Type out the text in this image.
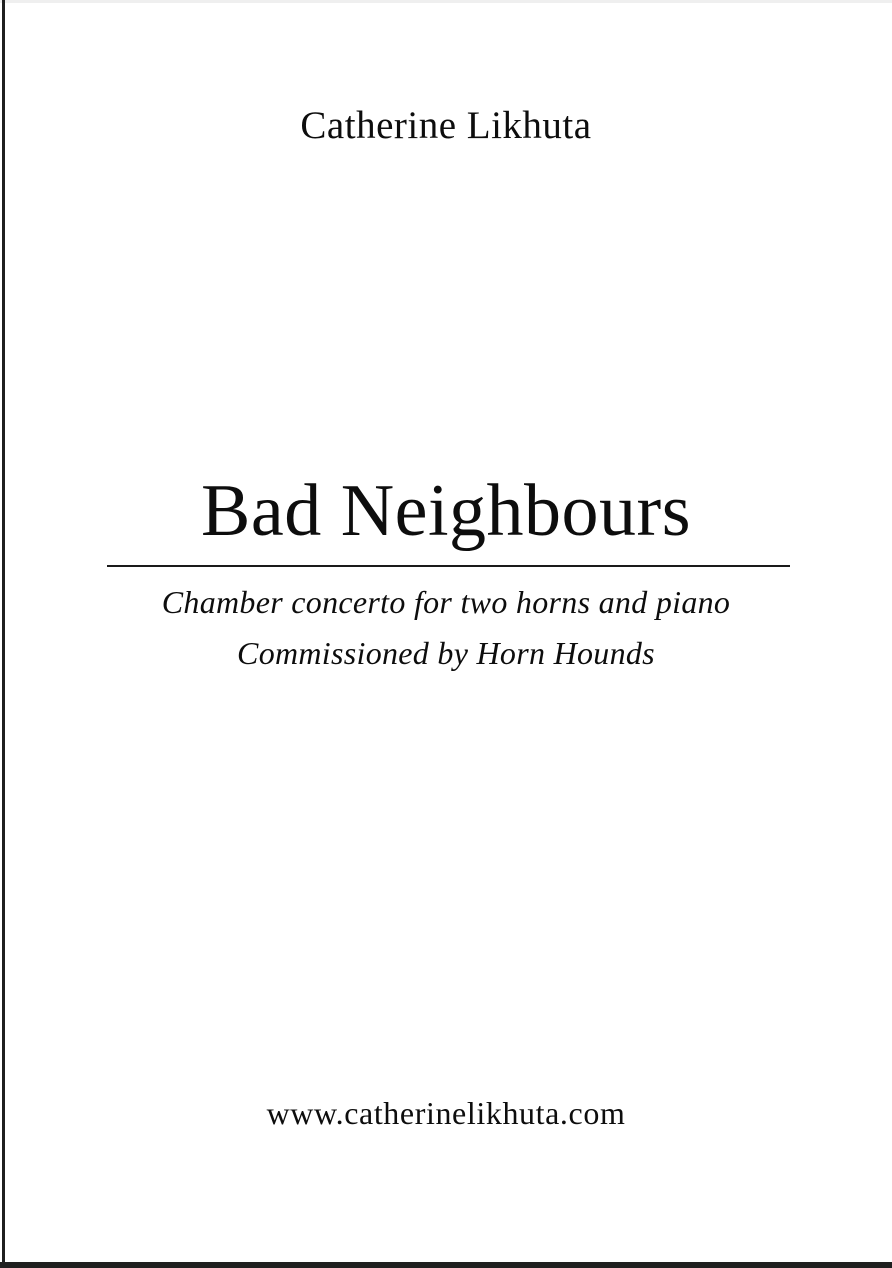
Catherine Likhuta
Bad Neighbours
Chamber concerto for two horns and piano
Commissioned by Horn Hounds
www.catherinelikhuta.com
